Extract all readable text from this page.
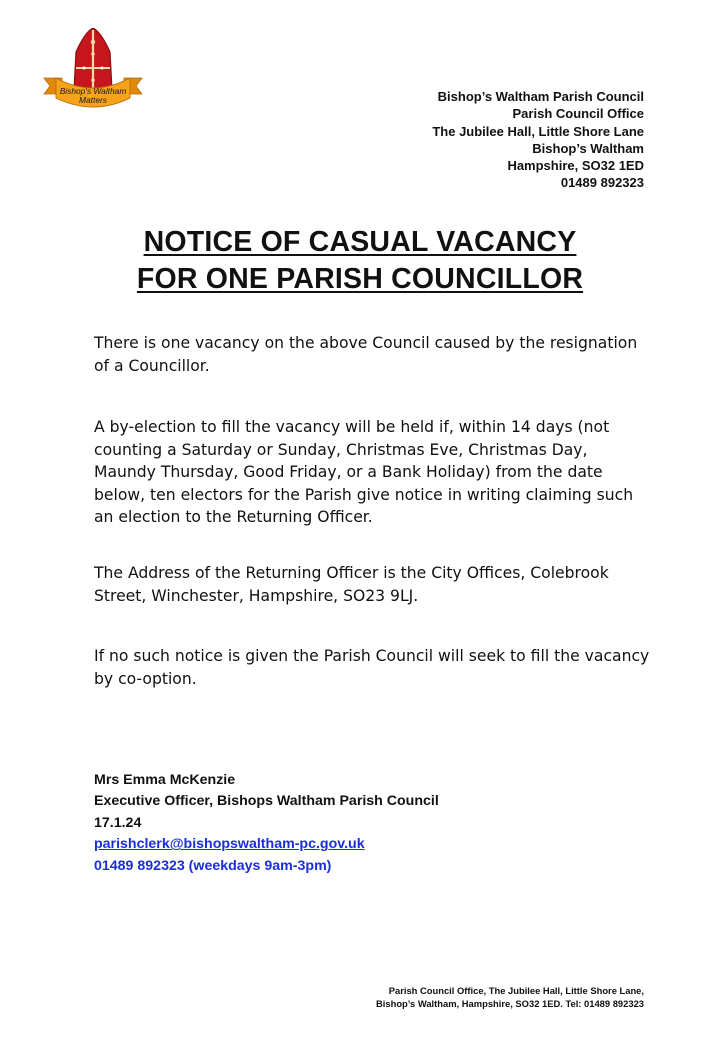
Bishop's Waltham
Matters	Bishop’s Waltham Parish Council
Parish Council Office
The Jubilee Hall, Little Shore Lane
Bishop’s Waltham
Hampshire, SO32 1ED
01489 892323
NOTICE OF CASUAL VACANCY
FOR ONE PARISH COUNCILLOR

There is one vacancy on the above Council caused by the resignation of a Councillor.

A by-election to fill the vacancy will be held if, within 14 days (not counting a Saturday or Sunday, Christmas Eve, Christmas Day, Maundy Thursday, Good Friday, or a Bank Holiday) from the date below, ten electors for the Parish give notice in writing claiming such an election to the Returning Officer.

The Address of the Returning Officer is the City Offices, Colebrook Street, Winchester, Hampshire, SO23 9LJ.

If no such notice is given the Parish Council will seek to fill the vacancy by co-option.

Mrs Emma McKenzie
Executive Officer, Bishops Waltham Parish Council
17.1.24
parishclerk@bishopswaltham-pc.gov.uk
01489 892323 (weekdays 9am-3pm)
Parish Council Office, The Jubilee Hall, Little Shore Lane,
Bishop’s Waltham, Hampshire, SO32 1ED. Tel: 01489 892323
